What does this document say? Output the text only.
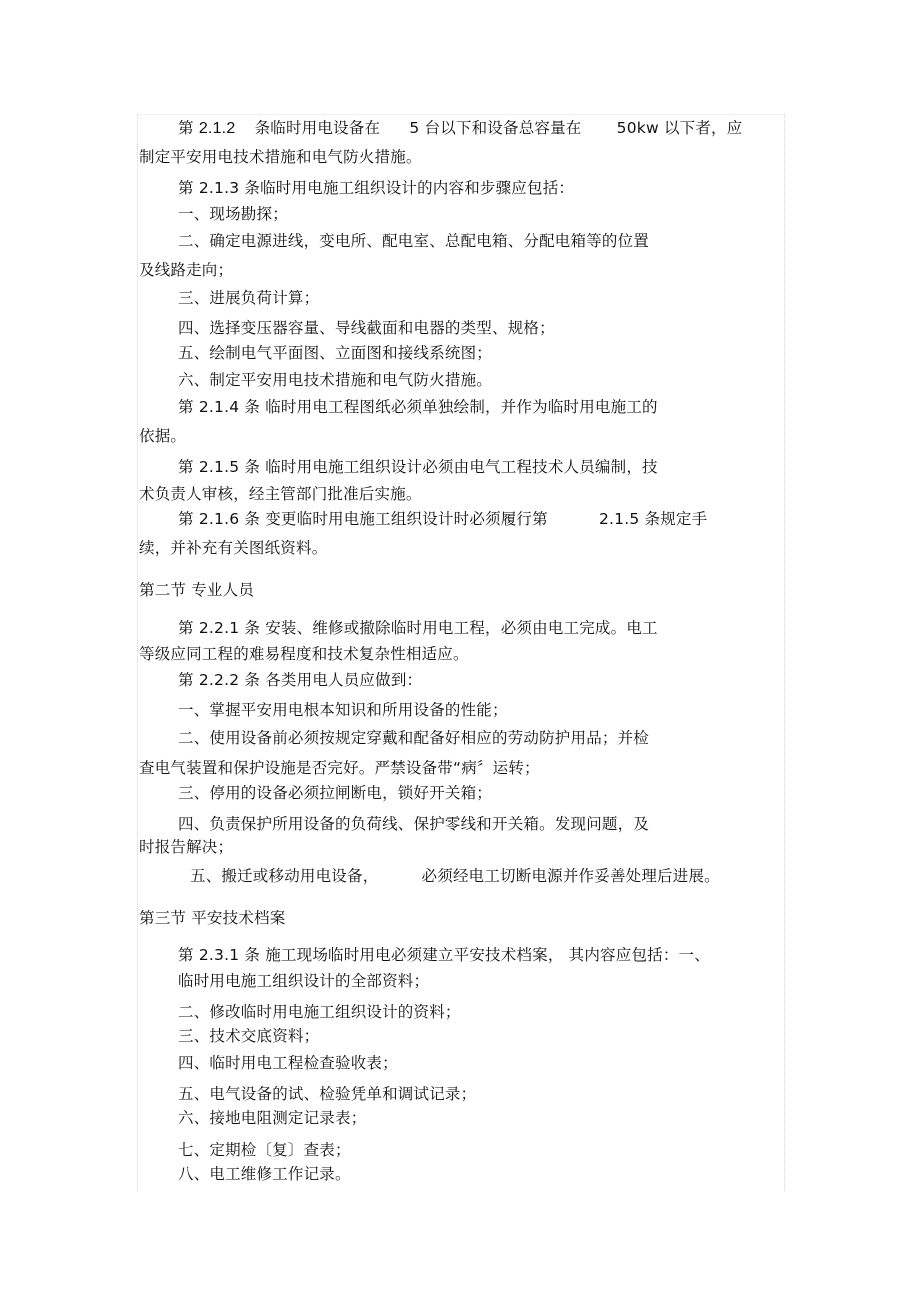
第 2.1.2 条临时用电设备在 5 台以下和设备总容量在 50kw 以下者，应
制定平安用电技术措施和电气防火措施。
第 2.1.3 条临时用电施工组织设计的内容和步骤应包括：
一、现场勘探；
二、确定电源进线，变电所、配电室、总配电箱、分配电箱等的位置
及线路走向；
三、进展负荷计算；
四、选择变压器容量、导线截面和电器的类型、规格；
五、绘制电气平面图、立面图和接线系统图；
六、制定平安用电技术措施和电气防火措施。
第 2.1.4 条 临时用电工程图纸必须单独绘制，并作为临时用电施工的
依据。
第 2.1.5 条 临时用电施工组织设计必须由电气工程技术人员编制，技
术负责人审核，经主管部门批准后实施。
第 2.1.6 条 变更临时用电施工组织设计时必须履行第	2.1.5 条规定手
续，并补充有关图纸资料。
第二节 专业人员
第 2.2.1 条 安装、维修或撤除临时用电工程，必须由电工完成。电工
等级应同工程的难易程度和技术复杂性相适应。
第 2.2.2 条 各类用电人员应做到：
一、掌握平安用电根本知识和所用设备的性能；
二、使用设备前必须按规定穿戴和配备好相应的劳动防护用品；并检
查电气装置和保护设施是否完好。严禁设备带“病〞运转；
三、停用的设备必须拉闸断电，锁好开关箱；
四、负责保护所用设备的负荷线、保护零线和开关箱。发现问题，及
时报告解决；
五、搬迁或移动用电设备，	必须经电工切断电源并作妥善处理后进展。
第三节 平安技术档案
第 2.3.1 条 施工现场临时用电必须建立平安技术档案， 其内容应包括：一、
临时用电施工组织设计的全部资料；
二、修改临时用电施工组织设计的资料；
三、技术交底资料；
四、临时用电工程检查验收表；
五、电气设备的试、检验凭单和调试记录；
六、接地电阻测定记录表；
七、定期检〔复〕查表；
八、电工维修工作记录。
